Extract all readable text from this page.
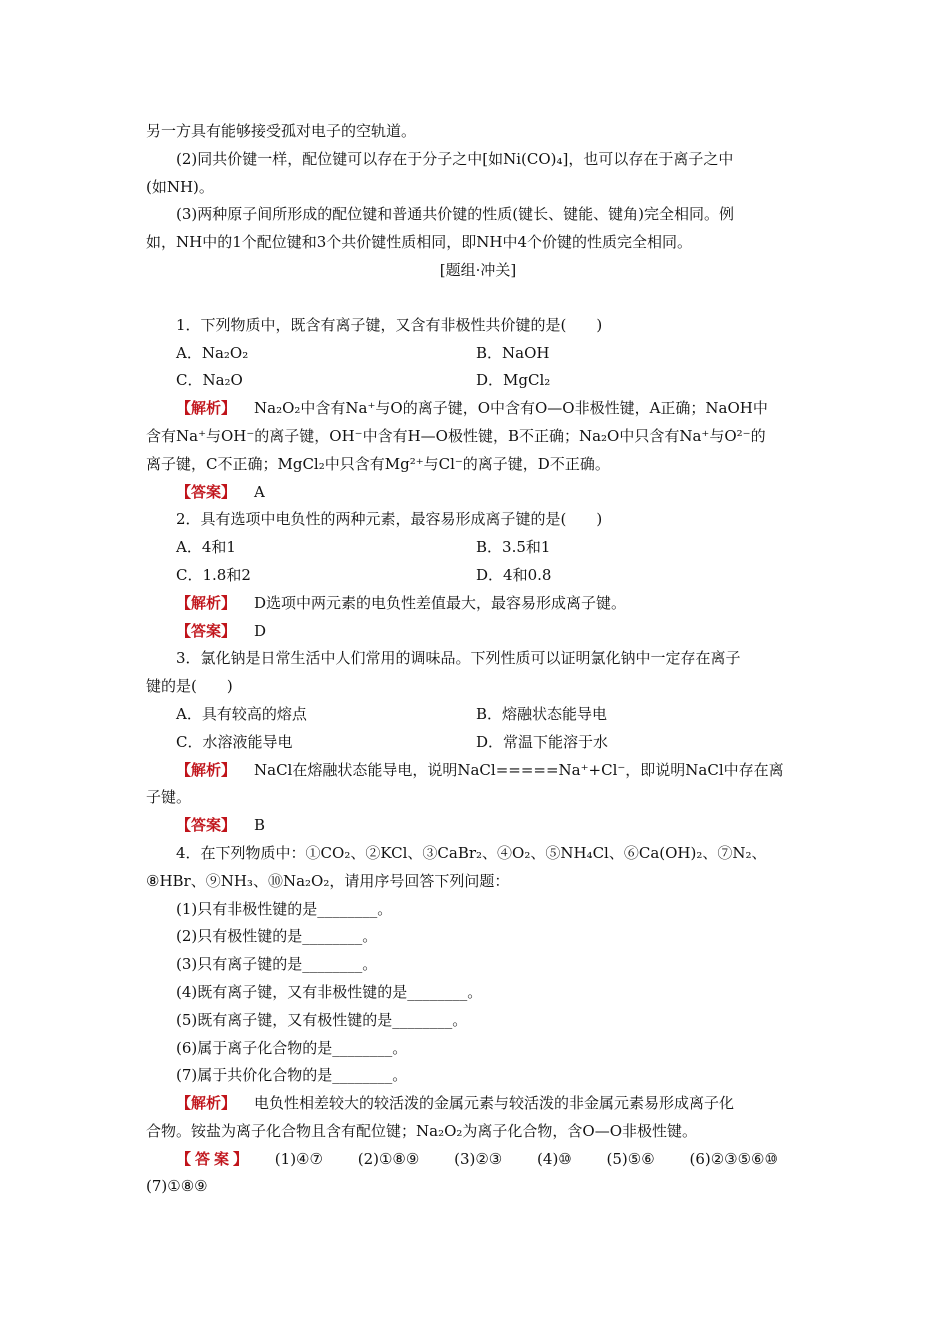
另一方具有能够接受孤对电子的空轨道。
(2)同共价键一样，配位键可以存在于分子之中[如Ni(CO)₄]，也可以存在于离子之中
(如NH)。
(3)两种原子间所形成的配位键和普通共价键的性质(键长、键能、键角)完全相同。例
如，NH中的1个配位键和3个共价键性质相同，即NH中4个价键的性质完全相同。
[题组·冲关]
1．下列物质中，既含有离子键，又含有非极性共价键的是(　　)
A．Na₂O₂	B．NaOH
C．Na₂O	D．MgCl₂
【解析】 Na₂O₂中含有Na⁺与O的离子键，O中含有O—O非极性键，A正确；NaOH中
含有Na⁺与OH⁻的离子键，OH⁻中含有H—O极性键，B不正确；Na₂O中只含有Na⁺与O²⁻的
离子键，C不正确；MgCl₂中只含有Mg²⁺与Cl⁻的离子键，D不正确。
【答案】 A
2．具有选项中电负性的两种元素，最容易形成离子键的是(　　)
A．4和1	B．3.5和1
C．1.8和2	D．4和0.8
【解析】 D选项中两元素的电负性差值最大，最容易形成离子键。
【答案】 D
3．氯化钠是日常生活中人们常用的调味品。下列性质可以证明氯化钠中一定存在离子
键的是(　　)
A．具有较高的熔点	B．熔融状态能导电
C．水溶液能导电	D．常温下能溶于水
【解析】 NaCl在熔融状态能导电，说明NaCl=====Na⁺+Cl⁻，即说明NaCl中存在离
子键。
【答案】 B
4．在下列物质中：①CO₂、②KCl、③CaBr₂、④O₂、⑤NH₄Cl、⑥Ca(OH)₂、⑦N₂、
⑧HBr、⑨NH₃、⑩Na₂O₂，请用序号回答下列问题：
(1)只有非极性键的是________。
(2)只有极性键的是________。
(3)只有离子键的是________。
(4)既有离子键，又有非极性键的是________。
(5)既有离子键，又有极性键的是________。
(6)属于离子化合物的是________。
(7)属于共价化合物的是________。
【解析】 电负性相差较大的较活泼的金属元素与较活泼的非金属元素易形成离子化
合物。铵盐为离子化合物且含有配位键；Na₂O₂为离子化合物，含O—O非极性键。
【答案】 (1)④⑦ (2)①⑧⑨ (3)②③ (4)⑩ (5)⑤⑥ (6)②③⑤⑥⑩
(7)①⑧⑨
